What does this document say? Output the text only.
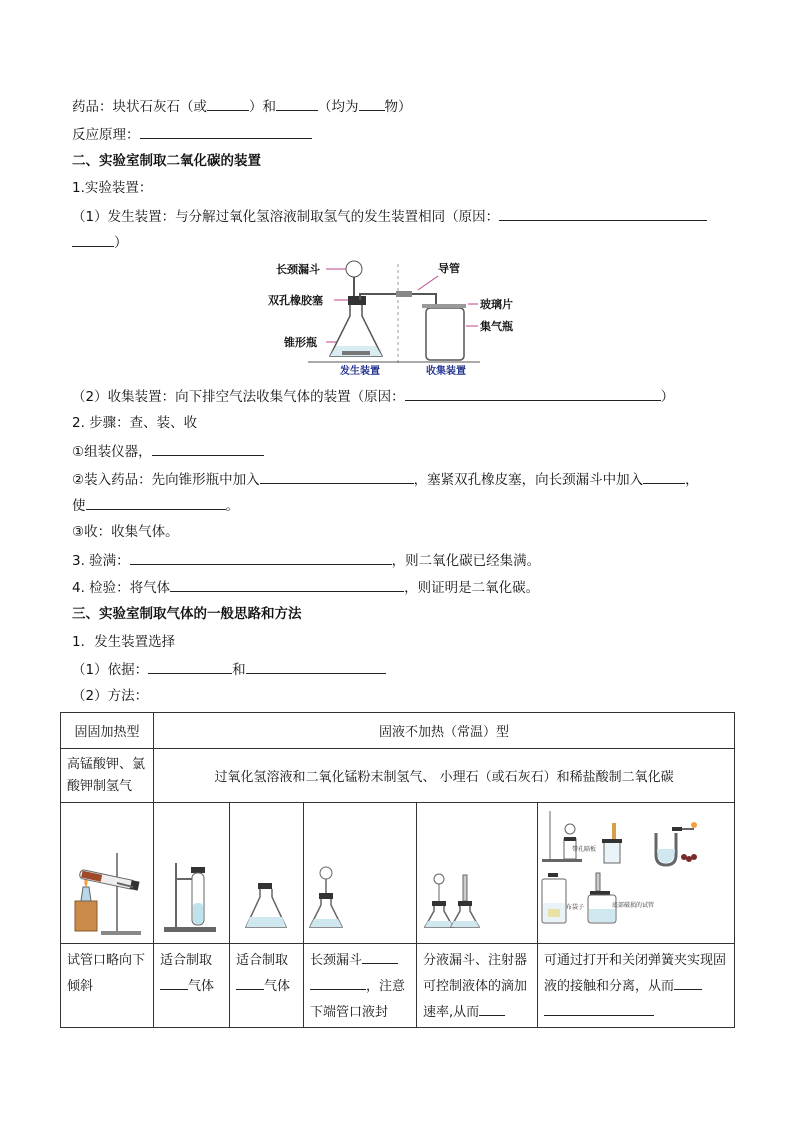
药品：块状石灰石（或	）和	（均为 物）
反应原理：
二、实验室制取二氧化碳的装置
1.实验装置：
（1）发生装置：与分解过氧化氢溶液制取氢气的发生装置相同（原因：
）
长颈漏斗
双孔橡胶塞
锥形瓶
导管
玻璃片
集气瓶
发生装置	收集装置
（2）收集装置：向下排空气法收集气体的装置（原因：	）
2. 步骤：查、装、收
①组装仪器，
②装入药品：先向锥形瓶中加入	，塞紧双孔橡皮塞，向长颈漏斗中加入	，
使	。
③收：收集气体。
3. 验满：	，则二氧化碳已经集满。
4. 检验：将气体	，则证明是二氧化碳。
三、实验室制取气体的一般思路和方法
1．发生装置选择
（1）依据：	和
（2）方法：
固固加热型	固液不加热（常温）型				
高锰酸钾、氯酸钾制氢气	过氧化氢溶液和二氧化锰粉末制氢气、 小理石（或石灰石）和稀盐酸制二氧化碳				

带孔隔板
布袋子 底部破损的试管

试管口略向下倾斜	适合制取
气体	适合制取
气体	长颈漏斗 ，注意下端管口液封	分液漏斗、注射器可控制液体的滴加速率,从而	可通过打开和关闭弹簧夹实现固液的接触和分离，从而
